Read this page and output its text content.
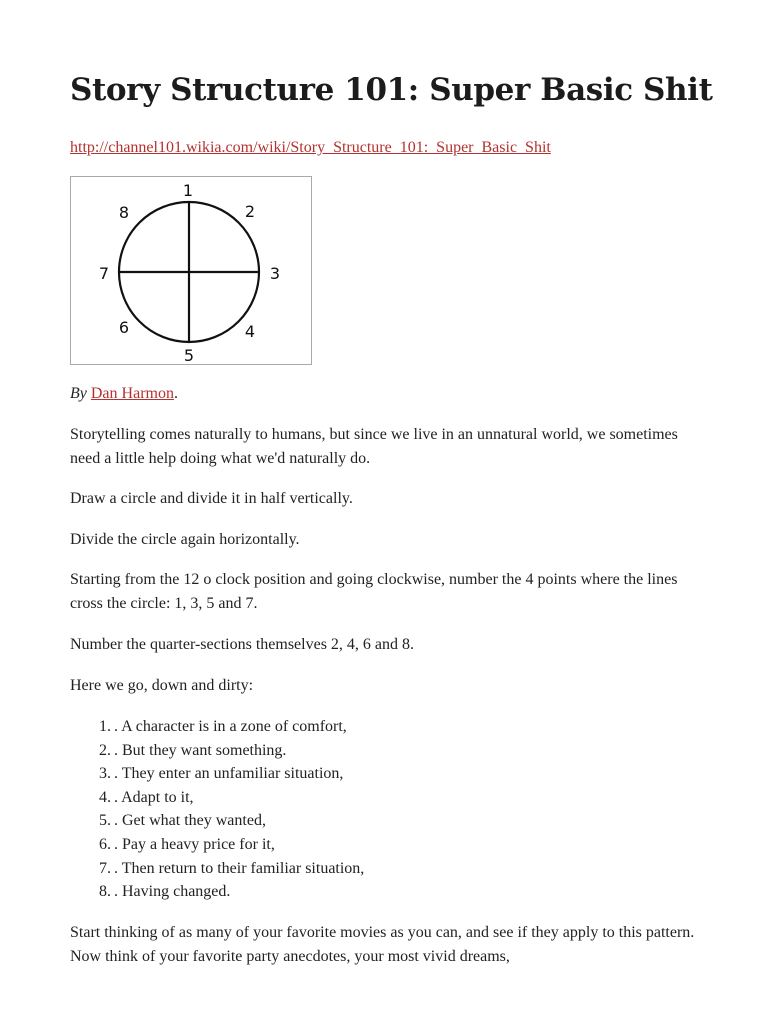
Story Structure 101: Super Basic Shit
http://channel101.wikia.com/wiki/Story_Structure_101:_Super_Basic_Shit
1
2
3
4
5
6
7
8

By Dan Harmon.

Storytelling comes naturally to humans, but since we live in an unnatural world, we sometimes need a little help doing what we'd naturally do.

Draw a circle and divide it in half vertically.

Divide the circle again horizontally.

Starting from the 12 o clock position and going clockwise, number the 4 points where the lines cross the circle: 1, 3, 5 and 7.

Number the quarter-sections themselves 2, 4, 6 and 8.

Here we go, down and dirty:

1. . A character is in a zone of comfort,
2. . But they want something.
3. . They enter an unfamiliar situation,
4. . Adapt to it,
5. . Get what they wanted,
6. . Pay a heavy price for it,
7. . Then return to their familiar situation,
8. . Having changed.

Start thinking of as many of your favorite movies as you can, and see if they apply to this pattern. Now think of your favorite party anecdotes, your most vivid dreams,
